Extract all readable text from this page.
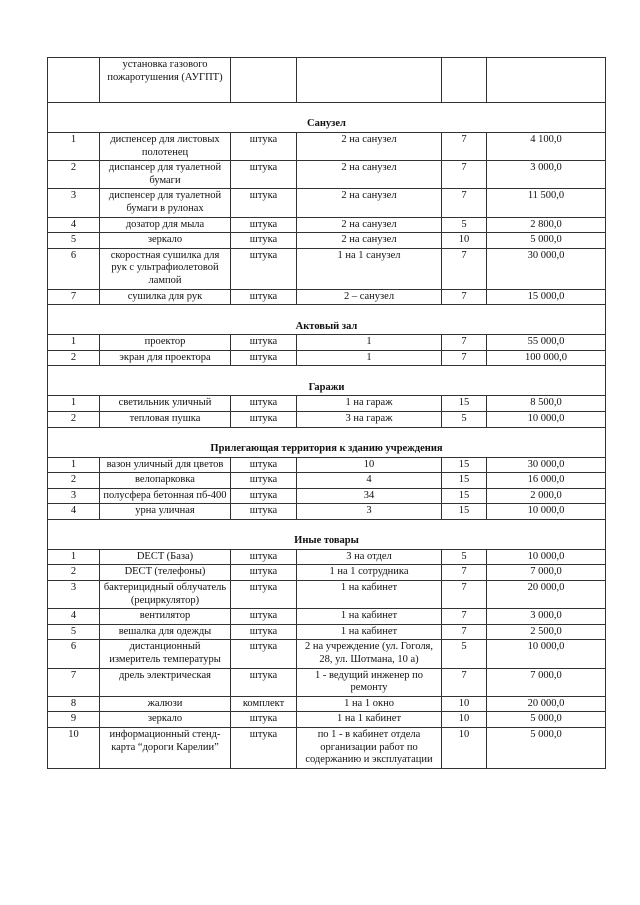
	установка газового пожаротушения (АУГПТ)				
Санузел					
1	диспенсер для листовых полотенец	штука	2 на санузел	7	4 100,0
2	диспансер для туалетной бумаги	штука	2 на санузел	7	3 000,0
3	диспенсер для туалетной бумаги в рулонах	штука	2 на санузел	7	11 500,0
4	дозатор для мыла	штука	2 на санузел	5	2 800,0
5	зеркало	штука	2 на санузел	10	5 000,0
6	скоростная сушилка для рук с ультрафиолетовой лампой	штука	1 на 1 санузел	7	30 000,0
7	сушилка для рук	штука	2 – санузел	7	15 000,0
Актовый зал					
1	проектор	штука	1	7	55 000,0
2	экран для проектора	штука	1	7	100 000,0
Гаражи					
1	светильник уличный	штука	1 на гараж	15	8 500,0
2	тепловая пушка	штука	3 на гараж	5	10 000,0
Прилегающая территория к зданию учреждения					
1	вазон уличный для цветов	штука	10	15	30 000,0
2	велопарковка	штука	4	15	16 000,0
3	полусфера бетонная пб-400	штука	34	15	2 000,0
4	урна уличная	штука	3	15	10 000,0
Иные товары					
1	DECT (База)	штука	3 на отдел	5	10 000,0
2	DECT (телефоны)	штука	1 на 1 сотрудника	7	7 000,0
3	бактерицидный облучатель (рециркулятор)	штука	1 на кабинет	7	20 000,0
4	вентилятор	штука	1 на кабинет	7	3 000,0
5	вешалка для одежды	штука	1 на кабинет	7	2 500,0
6	дистанционный измеритель температуры	штука	2 на учреждение (ул. Гоголя, 28, ул. Шотмана, 10 а)	5	10 000,0
7	дрель электрическая	штука	1 - ведущий инженер по ремонту	7	7 000,0
8	жалюзи	комплект	1 на 1 окно	10	20 000,0
9	зеркало	штука	1 на 1 кабинет	10	5 000,0
10	информационный стенд-карта “дороги Карелии”	штука	по 1 - в кабинет отдела организации работ по содержанию и эксплуатации	10	5 000,0
